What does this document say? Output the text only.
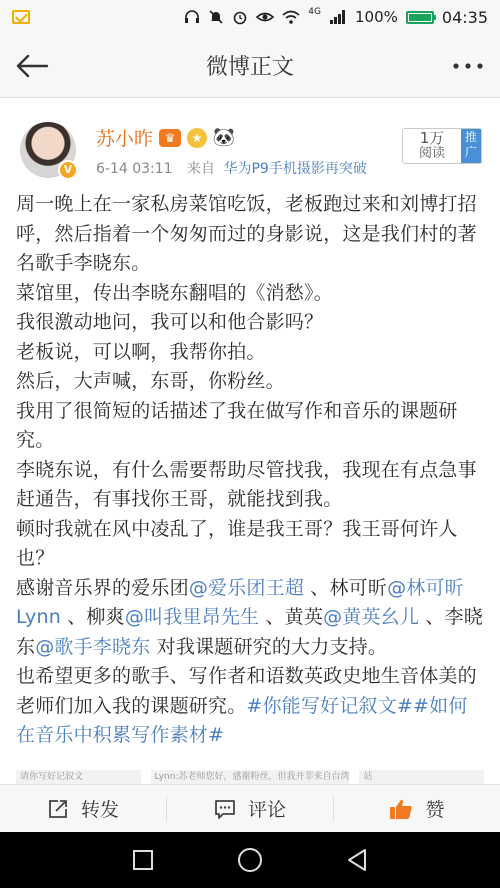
4G 100%	04:35
微博正文
V
苏小昨 ♛	★ 🐼
6-14 03:11 来自 华为P9手机摄影再突破
1万
阅读
推广

周一晚上在一家私房菜馆吃饭，老板跑过来和刘博打招呼，然后指着一个匆匆而过的身影说，这是我们村的著名歌手李晓东。

菜馆里，传出李晓东翻唱的《消愁》。

我很激动地问，我可以和他合影吗？

老板说，可以啊，我帮你拍。

然后，大声喊，东哥，你粉丝。

我用了很简短的话描述了我在做写作和音乐的课题研究。

李晓东说，有什么需要帮助尽管找我，我现在有点急事赶通告，有事找你王哥，就能找到我。

顿时我就在风中凌乱了，谁是我王哥？我王哥何许人也？

感谢音乐界的爱乐团@爱乐团王超 、林可昕@林可昕Lynn 、柳爽@叫我里昂先生 、黄英@黄英幺儿 、李晓东@歌手李晓东 对我课题研究的大力支持。

也希望更多的歌手、写作者和语数英政史地生音体美的老师们加入我的课题研究。#你能写好记叙文##如何在音乐中积累写作素材#

请你写好记叙文	Lynn:苏老师您好，感谢粉丝，但我并非来自台湾	站
转发	评论	赞
